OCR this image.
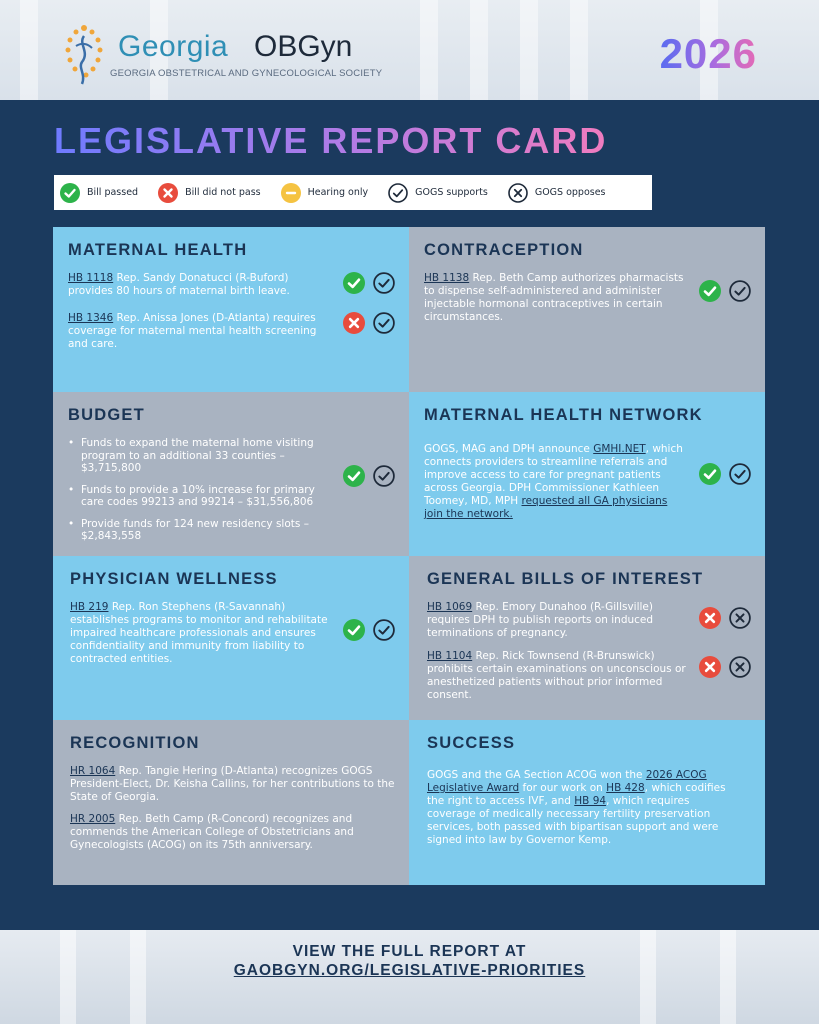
Georgia OBGyn
GEORGIA OBSTETRICAL AND GYNECOLOGICAL SOCIETY	2026
LEGISLATIVE REPORT CARD
Bill passed	Bill did not pass	Hearing only	GOGS supports	GOGS opposes
MATERNAL HEALTH

HB 1118 Rep. Sandy Donatucci (R-Buford) provides 80 hours of maternal birth leave.

HB 1346 Rep. Anissa Jones (D-Atlanta) requires coverage for maternal mental health screening and care.

CONTRACEPTION

HB 1138 Rep. Beth Camp authorizes pharmacists to dispense self-administered and administer injectable hormonal contraceptives in certain circumstances.

BUDGET
• Funds to expand the maternal home visiting program to an additional 33 counties – $3,715,800
• Funds to provide a 10% increase for primary care codes 99213 and 99214 – $31,556,806
• Provide funds for 124 new residency slots – $2,843,558
MATERNAL HEALTH NETWORK

GOGS, MAG and DPH announce GMHI.NET, which connects providers to streamline referrals and improve access to care for pregnant patients across Georgia. DPH Commissioner Kathleen Toomey, MD, MPH requested all GA physicians join the network.

PHYSICIAN WELLNESS

HB 219 Rep. Ron Stephens (R-Savannah) establishes programs to monitor and rehabilitate impaired healthcare professionals and ensures confidentiality and immunity from liability to contracted entities.

GENERAL BILLS OF INTEREST

HB 1069 Rep. Emory Dunahoo (R-Gillsville) requires DPH to publish reports on induced terminations of pregnancy.

HB 1104 Rep. Rick Townsend (R-Brunswick) prohibits certain examinations on unconscious or anesthetized patients without prior informed consent.

RECOGNITION

HR 1064 Rep. Tangie Hering (D-Atlanta) recognizes GOGS President-Elect, Dr. Keisha Callins, for her contributions to the State of Georgia.

HR 2005 Rep. Beth Camp (R-Concord) recognizes and commends the American College of Obstetricians and Gynecologists (ACOG) on its 75th anniversary.

SUCCESS

GOGS and the GA Section ACOG won the 2026 ACOG Legislative Award for our work on HB 428, which codifies the right to access IVF, and HB 94, which requires coverage of medically necessary fertility preservation services, both passed with bipartisan support and were signed into law by Governor Kemp.

VIEW THE FULL REPORT AT
GAOBGYN.ORG/LEGISLATIVE-PRIORITIES
